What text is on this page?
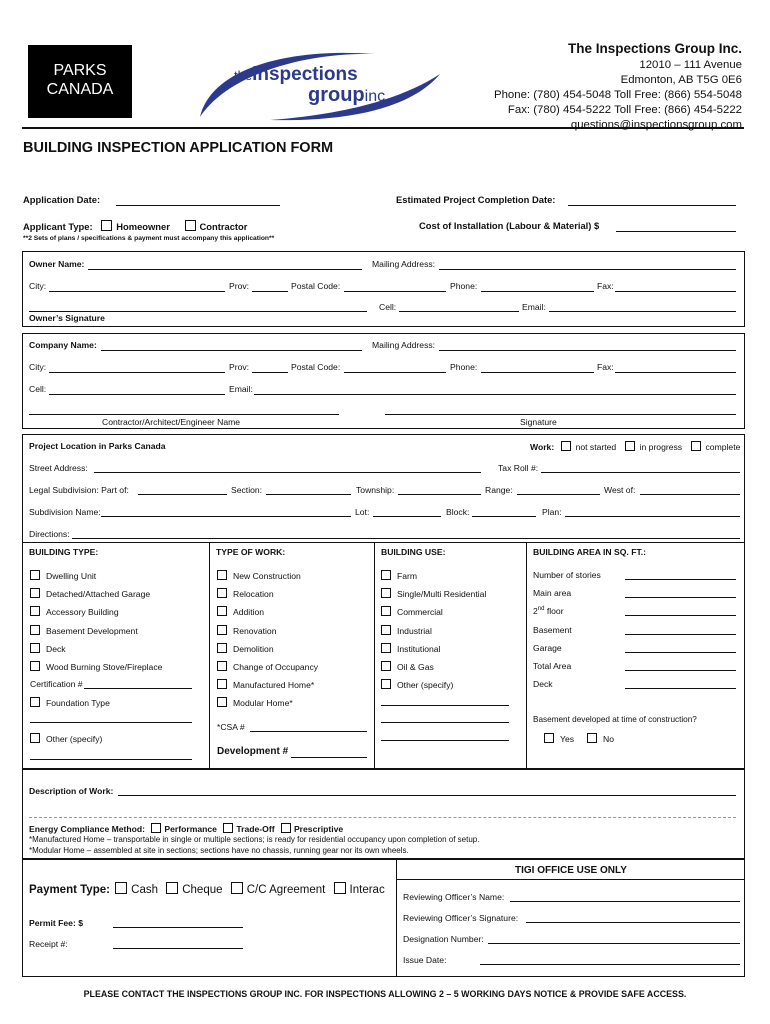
PARKS
CANADA
theinspections
groupinc.
The Inspections Group Inc.
12010 – 111 Avenue
Edmonton, AB T5G 0E6
Phone: (780) 454-5048 Toll Free: (866) 554-5048
Fax: (780) 454-5222 Toll Free: (866) 454-5222
questions@inspectionsgroup.com
BUILDING INSPECTION APPLICATION FORM
Application Date:	Estimated Project Completion Date:
Applicant Type:	Homeowner	Contractor	Cost of Installation (Labour & Material) $
**2 Sets of plans / specifications & payment must accompany this application**
Owner Name:	Mailing Address:
City:	Prov:	Postal Code:	Phone:	Fax:
Cell:	Email:
Owner’s Signature
Company Name:	Mailing Address:
City:	Prov:	Postal Code:	Phone:	Fax:
Cell:	Email:
Contractor/Architect/Engineer Name	Signature
Project Location in Parks Canada	Work: not started	in progress	complete
Street Address:	Tax Roll #:
Legal Subdivision: Part of:	Section:	Township:	Range:	West of:
Subdivision Name:	Lot:	Block:	Plan:
Directions:
BUILDING TYPE:
Dwelling Unit
Detached/Attached Garage
Accessory Building
Basement Development
Deck
Wood Burning Stove/Fireplace
Certification #
Foundation Type
Other (specify)
TYPE OF WORK:
New Construction
Relocation
Addition
Renovation
Demolition
Change of Occupancy
Manufactured Home*
Modular Home*
*CSA #
Development #
BUILDING USE:
Farm
Single/Multi Residential
Commercial
Industrial
Institutional
Oil & Gas
Other (specify)
BUILDING AREA IN SQ. FT.:
Number of stories
Main area
2nd floor
Basement
Garage
Total Area
Deck
Basement developed at time of construction?
Yes	No
Description of Work:
Energy Compliance Method: Performance Trade-Off Prescriptive
*Manufactured Home – transportable in single or multiple sections; is ready for residential occupancy upon completion of setup.
*Modular Home – assembled at site in sections; sections have no chassis, running gear nor its own wheels.
Payment Type: Cash Cheque C/C Agreement Interac
Permit Fee: $
Receipt #:
TIGI OFFICE USE ONLY
Reviewing Officer’s Name:
Reviewing Officer’s Signature:
Designation Number:
Issue Date:
PLEASE CONTACT THE INSPECTIONS GROUP INC. FOR INSPECTIONS ALLOWING 2 – 5 WORKING DAYS NOTICE & PROVIDE SAFE ACCESS.
